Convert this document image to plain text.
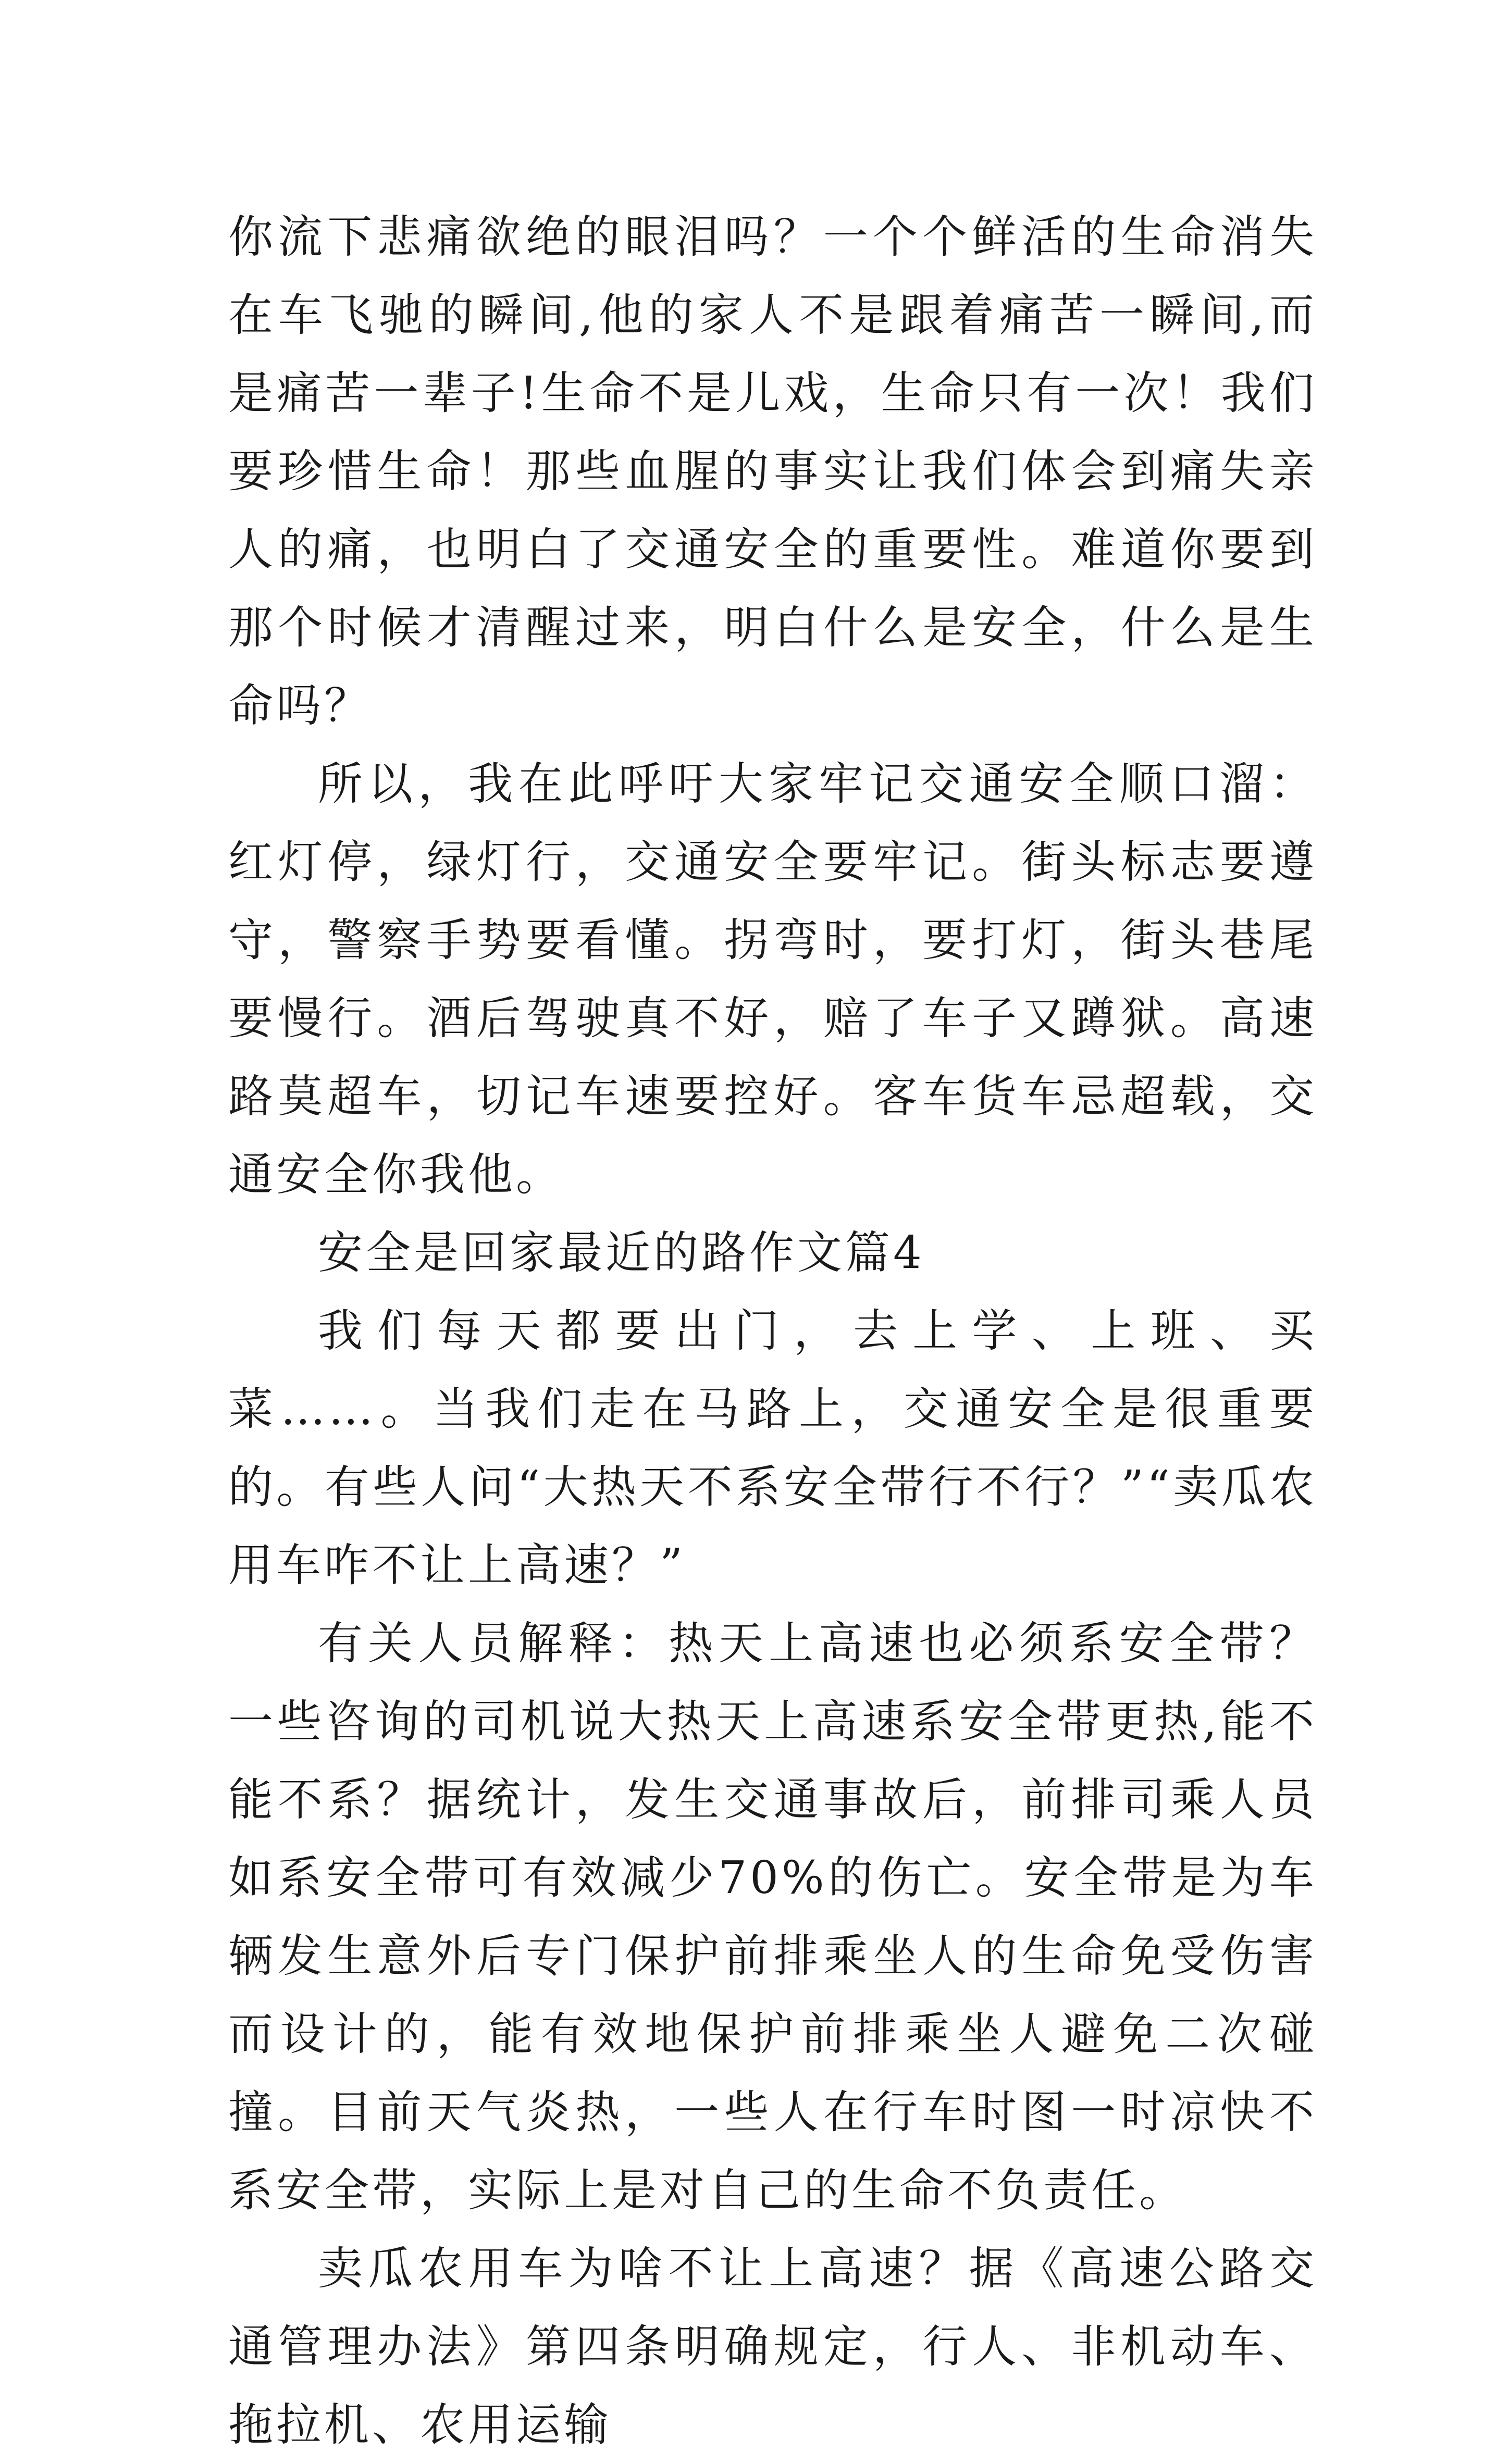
你流下悲痛欲绝的眼泪吗？一个个鲜活的生命消失在车飞驰的瞬间,他的家人不是跟着痛苦一瞬间,而是痛苦一辈子!生命不是儿戏，生命只有一次！我们要珍惜生命！那些血腥的事实让我们体会到痛失亲人的痛，也明白了交通安全的重要性。难道你要到那个时候才清醒过来，明白什么是安全，什么是生命吗？

所以，我在此呼吁大家牢记交通安全顺口溜：红灯停，绿灯行，交通安全要牢记。街头标志要遵守，警察手势要看懂。拐弯时，要打灯，街头巷尾要慢行。酒后驾驶真不好，赔了车子又蹲狱。高速路莫超车，切记车速要控好。客车货车忌超载，交通安全你我他。

安全是回家最近的路作文篇4

我们每天都要出门，去上学、上班、买菜……。当我们走在马路上，交通安全是很重要的。有些人问“大热天不系安全带行不行？”“卖瓜农用车咋不让上高速？”

有关人员解释：热天上高速也必须系安全带？一些咨询的司机说大热天上高速系安全带更热,能不能不系？据统计，发生交通事故后，前排司乘人员如系安全带可有效减少70%的伤亡。安全带是为车辆发生意外后专门保护前排乘坐人的生命免受伤害而设计的，能有效地保护前排乘坐人避免二次碰撞。目前天气炎热，一些人在行车时图一时凉快不系安全带，实际上是对自己的生命不负责任。

卖瓜农用车为啥不让上高速？据《高速公路交通管理办法》第四条明确规定，行人、非机动车、拖拉机、农用运输
